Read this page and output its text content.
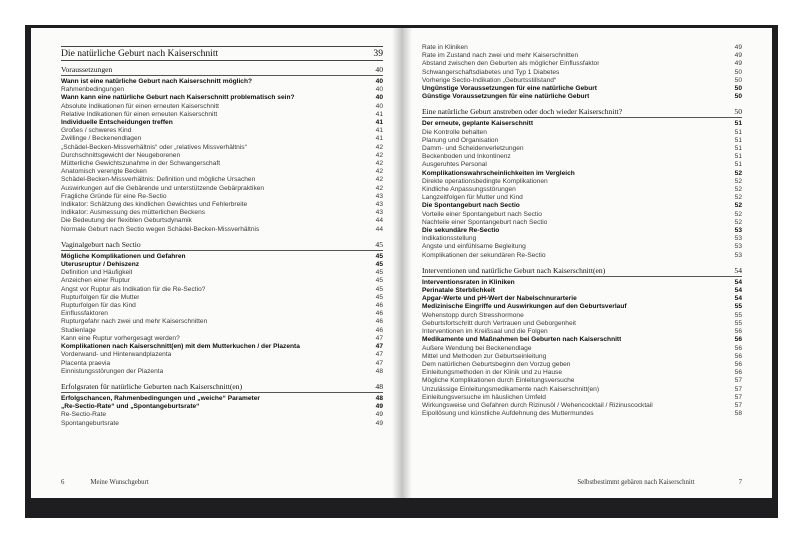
Die natürliche Geburt nach Kaiserschnitt	39
Voraussetzungen	40
Wann ist eine natürliche Geburt nach Kaiserschnitt möglich?	40
Rahmenbedingungen	40
Wann kann eine natürliche Geburt nach Kaiserschnitt problematisch sein?	40
Absolute Indikationen für einen erneuten Kaiserschnitt	40
Relative Indikationen für einen erneuten Kaiserschnitt	41
Individuelle Entscheidungen treffen	41
Großes / schweres Kind	41
Zwillinge / Beckenendlagen	41
„Schädel-Becken-Missverhältnis“ oder „relatives Missverhältnis“	42
Durchschnittsgewicht der Neugeborenen	42
Mütterliche Gewichtszunahme in der Schwangerschaft	42
Anatomisch verengte Becken	42
Schädel-Becken-Missverhältnis: Definition und mögliche Ursachen	42
Auswirkungen auf die Gebärende und unterstützende Gebärpraktiken	42
Fragliche Gründe für eine Re-Sectio	43
Indikator: Schätzung des kindlichen Gewichtes und Fehlerbreite	43
Indikator: Ausmessung des mütterlichen Beckens	43
Die Bedeutung der flexiblen Geburtsdynamik	44
Normale Geburt nach Sectio wegen Schädel-Becken-Missverhältnis	44
Vaginalgeburt nach Sectio	45
Mögliche Komplikationen und Gefahren	45
Uterusruptur / Dehiszenz	45
Definition und Häufigkeit	45
Anzeichen einer Ruptur	45
Angst vor Ruptur als Indikation für die Re-Sectio?	45
Rupturfolgen für die Mutter	45
Rupturfolgen für das Kind	46
Einflussfaktoren	46
Rupturgefahr nach zwei und mehr Kaiserschnitten	46
Studienlage	46
Kann eine Ruptur vorhergesagt werden?	47
Komplikationen nach Kaiserschnitt(en) mit dem Mutterkuchen / der Plazenta	47
Vorderwand- und Hinterwandplazenta	47
Placenta praevia	47
Einnistungsstörungen der Plazenta	48
Erfolgsraten für natürliche Geburten nach Kaiserschnitt(en)	48
Erfolgschancen, Rahmenbedingungen und „weiche“ Parameter	48
„Re-Sectio-Rate“ und „Spontangeburtsrate“	49
Re-Sectio-Rate	49
Spontangeburtsrate	49
6	Meine Wunschgeburt
Rate in Kliniken	49
Rate im Zustand nach zwei und mehr Kaiserschnitten	49
Abstand zwischen den Geburten als möglicher Einflussfaktor	49
Schwangerschaftsdiabetes und Typ 1 Diabetes	50
Vorherige Sectio-Indikation „Geburtsstillstand“	50
Ungünstige Voraussetzungen für eine natürliche Geburt	50
Günstige Voraussetzungen für eine natürliche Geburt	50
Eine natürliche Geburt anstreben oder doch wieder Kaiserschnitt?	50
Der erneute, geplante Kaiserschnitt	51
Die Kontrolle behalten	51
Planung und Organisation	51
Damm- und Scheidenverletzungen	51
Beckenboden und Inkontinenz	51
Ausgeruhtes Personal	51
Komplikationswahrscheinlichkeiten im Vergleich	52
Direkte operationsbedingte Komplikationen	52
Kindliche Anpassungsstörungen	52
Langzeitfolgen für Mutter und Kind	52
Die Spontangeburt nach Sectio	52
Vorteile einer Spontangeburt nach Sectio	52
Nachteile einer Spontangeburt nach Sectio	52
Die sekundäre Re-Sectio	53
Indikationsstellung	53
Ängste und einfühlsame Begleitung	53
Komplikationen der sekundären Re-Sectio	53
Interventionen und natürliche Geburt nach Kaiserschnitt(en)	54
Interventionsraten in Kliniken	54
Perinatale Sterblichkeit	54
Apgar-Werte und pH-Wert der Nabelschnurarterie	54
Medizinische Eingriffe und Auswirkungen auf den Geburtsverlauf	55
Wehenstopp durch Stresshormone	55
Geburtsfortschritt durch Vertrauen und Geborgenheit	55
Interventionen im Kreißsaal und die Folgen	56
Medikamente und Maßnahmen bei Geburten nach Kaiserschnitt	56
Äußere Wendung bei Beckenendlage	56
Mittel und Methoden zur Geburtseinleitung	56
Dem natürlichen Geburtsbeginn den Vorzug geben	56
Einleitungsmethoden in der Klinik und zu Hause	56
Mögliche Komplikationen durch Einleitungsversuche	57
Unzulässige Einleitungsmedikamente nach Kaiserschnitt(en)	57
Einleitungsversuche im häuslichen Umfeld	57
Wirkungsweise und Gefahren durch Rizinusöl / Wehencocktail / Rizinuscocktail	57
Eipollösung und künstliche Aufdehnung des Muttermundes	58
Selbstbestimmt gebären nach Kaiserschnitt	7
